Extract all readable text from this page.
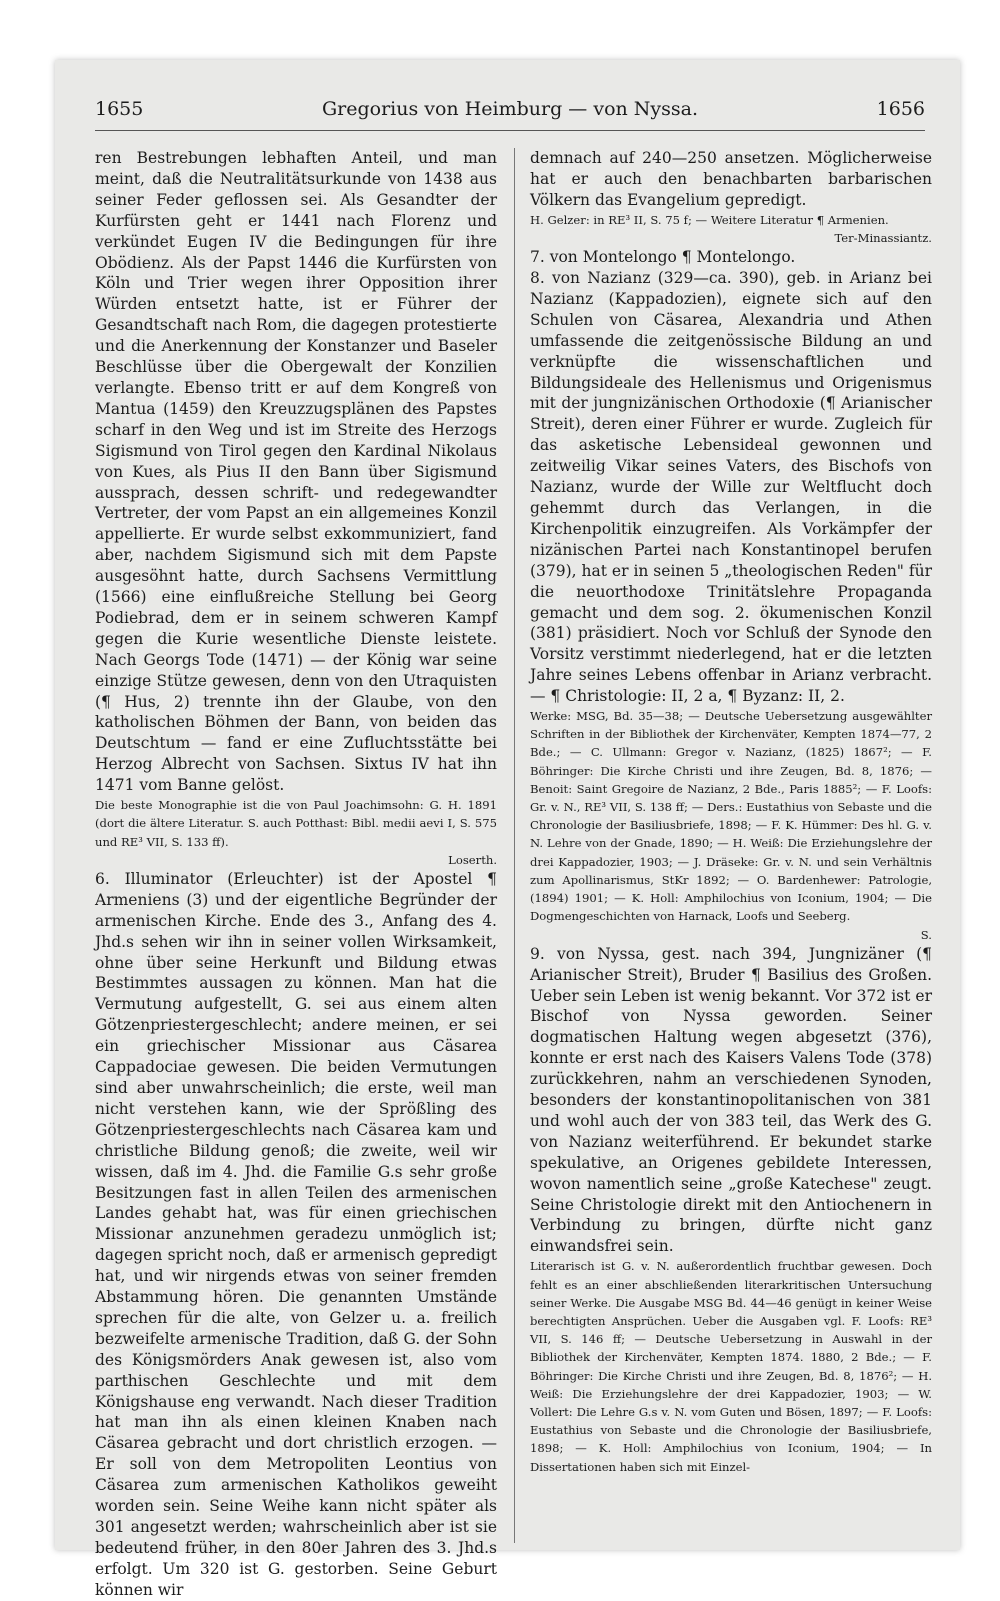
1655	Gregorius von Heimburg — von Nyssa.	1656

ren Bestrebungen lebhaften Anteil, und man meint, daß die Neutralitätsurkunde von 1438 aus seiner Feder geflossen sei. Als Gesandter der Kurfürsten geht er 1441 nach Florenz und verkündet Eugen IV die Bedingungen für ihre Obödienz. Als der Papst 1446 die Kurfürsten von Köln und Trier wegen ihrer Opposition ihrer Würden entsetzt hatte, ist er Führer der Gesandtschaft nach Rom, die dagegen protestierte und die Anerkennung der Konstanzer und Baseler Beschlüsse über die Obergewalt der Konzilien verlangte. Ebenso tritt er auf dem Kongreß von Mantua (1459) den Kreuzzugsplänen des Papstes scharf in den Weg und ist im Streite des Herzogs Sigismund von Tirol gegen den Kardinal Nikolaus von Kues, als Pius II den Bann über Sigismund aussprach, dessen schrift- und redegewandter Vertreter, der vom Papst an ein allgemeines Konzil appellierte. Er wurde selbst exkommuniziert, fand aber, nachdem Sigismund sich mit dem Papste ausgesöhnt hatte, durch Sachsens Vermittlung (1566) eine einflußreiche Stellung bei Georg Podiebrad, dem er in seinem schweren Kampf gegen die Kurie wesentliche Dienste leistete. Nach Georgs Tode (1471) — der König war seine einzige Stütze gewesen, denn von den Utraquisten (¶ Hus, 2) trennte ihn der Glaube, von den katholischen Böhmen der Bann, von beiden das Deutschtum — fand er eine Zufluchtsstätte bei Herzog Albrecht von Sachsen. Sixtus IV hat ihn 1471 vom Banne gelöst.

Die beste Monographie ist die von Paul Joachimsohn: G. H. 1891 (dort die ältere Literatur. S. auch Potthast: Bibl. medii aevi I, S. 575 und RE³ VII, S. 133 ff).

Loserth.

6. Illuminator (Erleuchter) ist der Apostel ¶ Armeniens (3) und der eigentliche Begründer der armenischen Kirche. Ende des 3., Anfang des 4. Jhd.s sehen wir ihn in seiner vollen Wirksamkeit, ohne über seine Herkunft und Bildung etwas Bestimmtes aussagen zu können. Man hat die Vermutung aufgestellt, G. sei aus einem alten Götzenpriestergeschlecht; andere meinen, er sei ein griechischer Missionar aus Cäsarea Cappadociae gewesen. Die beiden Vermutungen sind aber unwahrscheinlich; die erste, weil man nicht verstehen kann, wie der Sprößling des Götzenpriestergeschlechts nach Cäsarea kam und christliche Bildung genoß; die zweite, weil wir wissen, daß im 4. Jhd. die Familie G.s sehr große Besitzungen fast in allen Teilen des armenischen Landes gehabt hat, was für einen griechischen Missionar anzunehmen geradezu unmöglich ist; dagegen spricht noch, daß er armenisch gepredigt hat, und wir nirgends etwas von seiner fremden Abstammung hören. Die genannten Umstände sprechen für die alte, von Gelzer u. a. freilich bezweifelte armenische Tradition, daß G. der Sohn des Königsmörders Anak gewesen ist, also vom parthischen Geschlechte und mit dem Königshause eng verwandt. Nach dieser Tradition hat man ihn als einen kleinen Knaben nach Cäsarea gebracht und dort christlich erzogen. — Er soll von dem Metropoliten Leontius von Cäsarea zum armenischen Katholikos geweiht worden sein. Seine Weihe kann nicht später als 301 angesetzt werden; wahrscheinlich aber ist sie bedeutend früher, in den 80er Jahren des 3. Jhd.s erfolgt. Um 320 ist G. gestorben. Seine Geburt können wir

demnach auf 240—250 ansetzen. Möglicherweise hat er auch den benachbarten barbarischen Völkern das Evangelium gepredigt.

H. Gelzer: in RE³ II, S. 75 f; — Weitere Literatur ¶ Armenien.

Ter-Minassiantz.

7. von Montelongo ¶ Montelongo.

8. von Nazianz (329—ca. 390), geb. in Arianz bei Nazianz (Kappadozien), eignete sich auf den Schulen von Cäsarea, Alexandria und Athen umfassende die zeitgenössische Bildung an und verknüpfte die wissenschaftlichen und Bildungsideale des Hellenismus und Origenismus mit der jungnizänischen Orthodoxie (¶ Arianischer Streit), deren einer Führer er wurde. Zugleich für das asketische Lebensideal gewonnen und zeitweilig Vikar seines Vaters, des Bischofs von Nazianz, wurde der Wille zur Weltflucht doch gehemmt durch das Verlangen, in die Kirchenpolitik einzugreifen. Als Vorkämpfer der nizänischen Partei nach Konstantinopel berufen (379), hat er in seinen 5 „theologischen Reden" für die neuorthodoxe Trinitätslehre Propaganda gemacht und dem sog. 2. ökumenischen Konzil (381) präsidiert. Noch vor Schluß der Synode den Vorsitz verstimmt niederlegend, hat er die letzten Jahre seines Lebens offenbar in Arianz verbracht. — ¶ Christologie: II, 2 a, ¶ Byzanz: II, 2.

Werke: MSG, Bd. 35—38; — Deutsche Uebersetzung ausgewählter Schriften in der Bibliothek der Kirchenväter, Kempten 1874—77, 2 Bde.; — C. Ullmann: Gregor v. Nazianz, (1825) 1867²; — F. Böhringer: Die Kirche Christi und ihre Zeugen, Bd. 8, 1876; — Benoit: Saint Gregoire de Nazianz, 2 Bde., Paris 1885²; — F. Loofs: Gr. v. N., RE³ VII, S. 138 ff; — Ders.: Eustathius von Sebaste und die Chronologie der Basiliusbriefe, 1898; — F. K. Hümmer: Des hl. G. v. N. Lehre von der Gnade, 1890; — H. Weiß: Die Erziehungslehre der drei Kappadozier, 1903; — J. Dräseke: Gr. v. N. und sein Verhältnis zum Apollinarismus, StKr 1892; — O. Bardenhewer: Patrologie, (1894) 1901; — K. Holl: Amphilochius von Iconium, 1904; — Die Dogmengeschichten von Harnack, Loofs und Seeberg.

S.

9. von Nyssa, gest. nach 394, Jungnizäner (¶ Arianischer Streit), Bruder ¶ Basilius des Großen. Ueber sein Leben ist wenig bekannt. Vor 372 ist er Bischof von Nyssa geworden. Seiner dogmatischen Haltung wegen abgesetzt (376), konnte er erst nach des Kaisers Valens Tode (378) zurückkehren, nahm an verschiedenen Synoden, besonders der konstantinopolitanischen von 381 und wohl auch der von 383 teil, das Werk des G. von Nazianz weiterführend. Er bekundet starke spekulative, an Origenes gebildete Interessen, wovon namentlich seine „große Katechese" zeugt. Seine Christologie direkt mit den Antiochenern in Verbindung zu bringen, dürfte nicht ganz einwandsfrei sein.

Literarisch ist G. v. N. außerordentlich fruchtbar gewesen. Doch fehlt es an einer abschließenden literarkritischen Untersuchung seiner Werke. Die Ausgabe MSG Bd. 44—46 genügt in keiner Weise berechtigten Ansprüchen. Ueber die Ausgaben vgl. F. Loofs: RE³ VII, S. 146 ff; — Deutsche Uebersetzung in Auswahl in der Bibliothek der Kirchenväter, Kempten 1874. 1880, 2 Bde.; — F. Böhringer: Die Kirche Christi und ihre Zeugen, Bd. 8, 1876²; — H. Weiß: Die Erziehungslehre der drei Kappadozier, 1903; — W. Vollert: Die Lehre G.s v. N. vom Guten und Bösen, 1897; — F. Loofs: Eustathius von Sebaste und die Chronologie der Basiliusbriefe, 1898; — K. Holl: Amphilochius von Iconium, 1904; — In Dissertationen haben sich mit Einzel-
